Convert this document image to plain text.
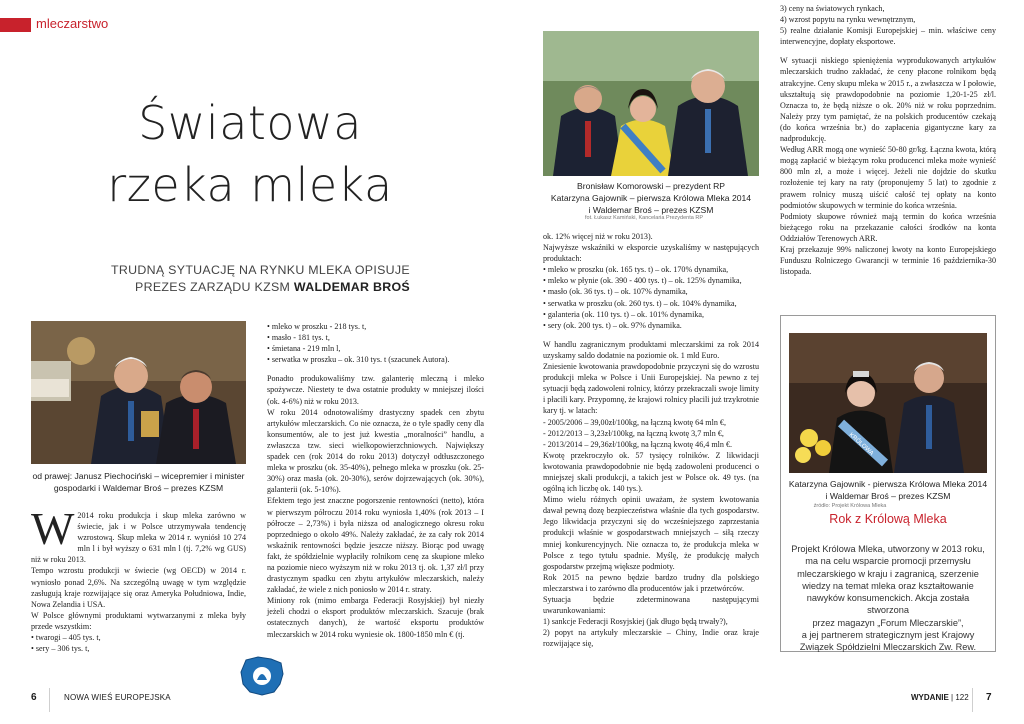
mleczarstwo
Światowa
rzeka mleka
TRUDNĄ SYTUACJĘ NA RYNKU MLEKA OPISUJE
PREZES ZARZĄDU KZSM WALDEMAR BROŚ
od prawej: Janusz Piechociński – wicepremier i minister
gospodarki i Waldemar Broś – prezes KZSM
Bronisław Komorowski – prezydent RP
Katarzyna Gajownik – pierwsza Królowa Mleka 2014
i Waldemar Broś – prezes KZSM
fot. Łukasz Kamiński, Kancelaria Prezydenta RP
KRÓLOWA
Katarzyna Gajownik - pierwsza Królowa Mleka 2014
i Waldemar Broś – prezes KZSM
źródło: Projekt Królowa Mleka
Rok z Królową Mleka
Projekt Królowa Mleka, utworzony w 2013 roku,
ma na celu wsparcie promocji przemysłu
mleczarskiego w kraju i zagranicą, szerzenie
wiedzy na temat mleka oraz kształtowanie
nawyków konsumenckich. Akcja została stworzona
przez magazyn „Forum Mleczarskie”,
a jej partnerem strategicznym jest Krajowy
Związek Spółdzielni Mleczarskich Zw. Rew.

W 2014 roku produkcja i skup mleka zarówno w świecie, jak i w Polsce utrzymywała tendencję wzrostową. Skup mleka w 2014 r. wyniósł 10 274 mln l i był wyższy o 631 mln l (tj. 7,2% wg GUS) niż w roku 2013.

Tempo wzrostu produkcji w świecie (wg OECD) w 2014 r. wyniosło ponad 2,6%. Na szczególną uwagę w tym względzie zasługują kraje rozwijające się oraz Ameryka Południowa, Indie, Nowa Zelandia i USA.

W Polsce głównymi produktami wytwarzanymi z mleka były przede wszystkim:

• twarogi – 405 tys. t,

• sery – 306 tys. t,

• mleko w proszku - 218 tys. t,

• masło - 181 tys. t,

• śmietana - 219 mln l,

• serwatka w proszku – ok. 310 tys. t (szacunek Autora).

Ponadto produkowaliśmy tzw. galanterię mleczną i mleko spożywcze. Niestety te dwa ostatnie produkty w mniejszej ilości (ok. 4-6%) niż w roku 2013.

W roku 2014 odnotowaliśmy drastyczny spadek cen zbytu artykułów mleczarskich. Co nie oznacza, że o tyle spadły ceny dla konsumentów, ale to jest już kwestia „moralności” handlu, a zwłaszcza tzw. sieci wielkopowierzchniowych. Największy spadek cen (rok 2014 do roku 2013) dotyczył odtłuszczonego mleka w proszku (ok. 35-40%), pełnego mleka w proszku (ok. 25-30%) oraz masła (ok. 20-30%), serów dojrzewających (ok. 30%), galanterii (ok. 5-10%).

Efektem tego jest znaczne pogorszenie rentowności (netto), która w pierwszym półroczu 2014 roku wyniosła 1,40% (rok 2013 – I półrocze – 2,73%) i była niższa od analogicznego okresu roku poprzedniego o około 49%. Należy zakładać, że za cały rok 2014 wskaźnik rentowności będzie jeszcze niższy. Biorąc pod uwagę fakt, że spółdzielnie wypłaciły rolnikom cenę za skupione mleko na poziomie nieco wyższym niż w roku 2013 tj. ok. 1,37 zł/l przy drastycznym spadku cen zbytu artykułów mleczarskich, należy zakładać, że wiele z nich poniosło w 2014 r. straty.

Miniony rok (mimo embarga Federacji Rosyjskiej) był niezły jeżeli chodzi o eksport produktów mleczarskich. Szacuje (brak ostatecznych danych), że wartość eksportu produktów mleczarskich w 2014 roku wyniesie ok. 1800-1850 mln € (tj.

ok. 12% więcej niż w roku 2013).

Najwyższe wskaźniki w eksporcie uzyskaliśmy w następujących produktach:

• mleko w proszku (ok. 165 tys. t) – ok. 170% dynamika,

• mleko w płynie (ok. 390 - 400 tys. t) – ok. 125% dynamika,

• masło (ok. 36 tys. t) – ok. 107% dynamika,

• serwatka w proszku (ok. 260 tys. t) – ok. 104% dynamika,

• galanteria (ok. 110 tys. t) – ok. 101% dynamika,

• sery (ok. 200 tys. t) – ok. 97% dynamika.

W handlu zagranicznym produktami mleczarskimi za rok 2014 uzyskamy saldo dodatnie na poziomie ok. 1 mld Euro.

Zniesienie kwotowania prawdopodobnie przyczyni się do wzrostu produkcji mleka w Polsce i Unii Europejskiej. Na pewno z tej sytuacji będą zadowoleni rolnicy, którzy przekraczali swoje limity i płacili kary. Przypomnę, że krajowi rolnicy płacili już trzykrotnie kary tj. w latach:

- 2005/2006 – 39,00zł/100kg, na łączną kwotę 64 mln €,

- 2012/2013 – 3,23zł/100kg, na łączną kwotę 3,7 mln €,

- 2013/2014 – 29,36zł/100kg, na łączną kwotę 46,4 mln €.

Kwotę przekroczyło ok. 57 tysięcy rolników. Z likwidacji kwotowania prawdopodobnie nie będą zadowoleni producenci o mniejszej skali produkcji, a takich jest w Polsce ok. 49 tys. (na ogólną ich liczbę ok. 140 tys.).

Mimo wielu różnych opinii uważam, że system kwotowania dawał pewną dozę bezpieczeństwa właśnie dla tych gospodarstw. Jego likwidacja przyczyni się do wcześniejszego zaprzestania produkcji właśnie w gospodarstwach mniejszych – siłą rzeczy mniej konkurencyjnych. Nie oznacza to, że produkcja mleka w Polsce z tego tytułu spadnie. Myślę, że produkcję małych gospodarstw przejmą większe podmioty.

Rok 2015 na pewno będzie bardzo trudny dla polskiego mleczarstwa i to zarówno dla producentów jak i przetwórców.

Sytuacja będzie zdeterminowana następującymi uwarunkowaniami:

1) sankcje Federacji Rosyjskiej (jak długo będą trwały?),

2) popyt na artykuły mleczarskie – Chiny, Indie oraz kraje rozwijające się,

3) ceny na światowych rynkach,

4) wzrost popytu na rynku wewnętrznym,

5) realne działanie Komisji Europejskiej – min. właściwe ceny interwencyjne, dopłaty eksportowe.

W sytuacji niskiego spieniężenia wyprodukowanych artykułów mleczarskich trudno zakładać, że ceny płacone rolnikom będą atrakcyjne. Ceny skupu mleka w 2015 r., a zwłaszcza w I połowie, ukształtują się prawdopodobnie na poziomie 1,20-1-25 zł/l. Oznacza to, że będą niższe o ok. 20% niż w roku poprzednim. Należy przy tym pamiętać, że na polskich producentów czekają (do końca września br.) do zapłacenia gigantyczne kary za nadprodukcję.

Według ARR mogą one wynieść 50-80 gr/kg. Łączna kwota, którą mogą zapłacić w bieżącym roku producenci mleka może wynieść 800 mln zł, a może i więcej. Jeżeli nie dojdzie do skutku rozłożenie tej kary na raty (proponujemy 5 lat) to zgodnie z prawem rolnicy muszą uiścić całość tej opłaty na konto podmiotów skupowych w terminie do końca września.

Podmioty skupowe również mają termin do końca września bieżącego roku na przekazanie całości środków na konta Oddziałów Terenowych ARR.

Kraj przekazuje 99% naliczonej kwoty na konto Europejskiego Funduszu Rolniczego Gwarancji w terminie 16 października-30 listopada.

6	NOWA WIEŚ EUROPEJSKA	WYDANIE | 122 7
